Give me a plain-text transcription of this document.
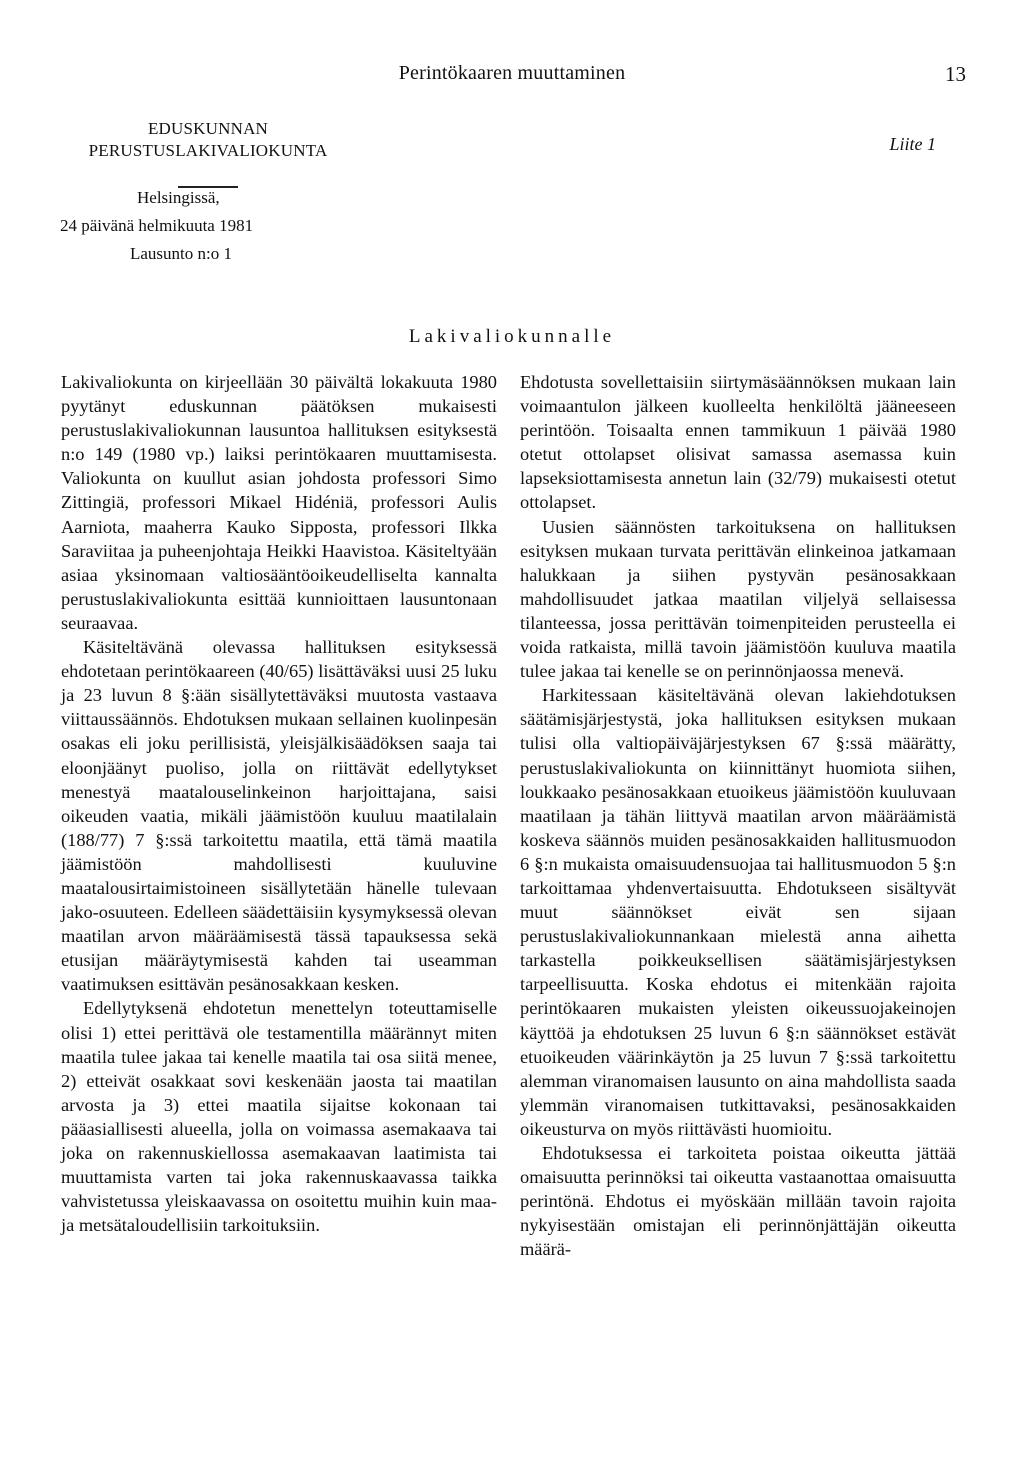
Perintökaaren muuttaminen	13
Liite 1
EDUSKUNNAN
PERUSTUSLAKIVALIOKUNTA
Helsingissä,
24 päivänä helmikuuta 1981
Lausunto n:o 1
Lakivaliokunnalle

Lakivaliokunta on kirjeellään 30 päivältä lokakuuta 1980 pyytänyt eduskunnan päätöksen mukaisesti perustuslakivaliokunnan lausuntoa hallituksen esityksestä n:o 149 (1980 vp.) laiksi perintökaaren muuttamisesta. Valiokunta on kuullut asian johdosta professori Simo Zittingiä, professori Mikael Hidéniä, professori Aulis Aarniota, maaherra Kauko Sipposta, professori Ilkka Saraviitaa ja puheenjohtaja Heikki Haavistoa. Käsiteltyään asiaa yksinomaan valtiosääntöoikeudelliselta kannalta perustuslakivaliokunta esittää kunnioittaen lausuntonaan seuraavaa.

Käsiteltävänä olevassa hallituksen esityksessä ehdotetaan perintökaareen (40/65) lisättäväksi uusi 25 luku ja 23 luvun 8 §:ään sisällytettäväksi muutosta vastaava viittaussäännös. Ehdotuksen mukaan sellainen kuolinpesän osakas eli joku perillisistä, yleisjälkisäädöksen saaja tai eloonjäänyt puoliso, jolla on riittävät edellytykset menestyä maatalouselinkeinon harjoittajana, saisi oikeuden vaatia, mikäli jäämistöön kuuluu maatilalain (188/77) 7 §:ssä tarkoitettu maatila, että tämä maatila jäämistöön mahdollisesti kuuluvine maatalousirtaimistoineen sisällytetään hänelle tulevaan jako-osuuteen. Edelleen säädettäisiin kysymyksessä olevan maatilan arvon määräämisestä tässä tapauksessa sekä etusijan määräytymisestä kahden tai useamman vaatimuksen esittävän pesänosakkaan kesken.

Edellytyksenä ehdotetun menettelyn toteuttamiselle olisi 1) ettei perittävä ole testamentilla määrännyt miten maatila tulee jakaa tai kenelle maatila tai osa siitä menee, 2) etteivät osakkaat sovi keskenään jaosta tai maatilan arvosta ja 3) ettei maatila sijaitse kokonaan tai pääasiallisesti alueella, jolla on voimassa asemakaava tai joka on rakennuskiellossa asemakaavan laatimista tai muuttamista varten tai joka rakennuskaavassa taikka vahvistetussa yleiskaavassa on osoitettu muihin kuin maa- ja metsätaloudellisiin tarkoituksiin.

Ehdotusta sovellettaisiin siirtymäsäännöksen mukaan lain voimaantulon jälkeen kuolleelta henkilöltä jääneeseen perintöön. Toisaalta ennen tammikuun 1 päivää 1980 otetut ottolapset olisivat samassa asemassa kuin lapseksiottamisesta annetun lain (32/79) mukaisesti otetut ottolapset.

Uusien säännösten tarkoituksena on hallituksen esityksen mukaan turvata perittävän elinkeinoa jatkamaan halukkaan ja siihen pystyvän pesänosakkaan mahdollisuudet jatkaa maatilan viljelyä sellaisessa tilanteessa, jossa perittävän toimenpiteiden perusteella ei voida ratkaista, millä tavoin jäämistöön kuuluva maatila tulee jakaa tai kenelle se on perinnönjaossa menevä.

Harkitessaan käsiteltävänä olevan lakiehdotuksen säätämisjärjestystä, joka hallituksen esityksen mukaan tulisi olla valtiopäiväjärjestyksen 67 §:ssä määrätty, perustuslakivaliokunta on kiinnittänyt huomiota siihen, loukkaako pesänosakkaan etuoikeus jäämistöön kuuluvaan maatilaan ja tähän liittyvä maatilan arvon määräämistä koskeva säännös muiden pesänosakkaiden hallitusmuodon 6 §:n mukaista omaisuudensuojaa tai hallitusmuodon 5 §:n tarkoittamaa yhdenvertaisuutta. Ehdotukseen sisältyvät muut säännökset eivät sen sijaan perustuslakivaliokunnankaan mielestä anna aihetta tarkastella poikkeuksellisen säätämisjärjestyksen tarpeellisuutta. Koska ehdotus ei mitenkään rajoita perintökaaren mukaisten yleisten oikeussuojakeinojen käyttöä ja ehdotuksen 25 luvun 6 §:n säännökset estävät etuoikeuden väärinkäytön ja 25 luvun 7 §:ssä tarkoitettu alemman viranomaisen lausunto on aina mahdollista saada ylemmän viranomaisen tutkittavaksi, pesänosakkaiden oikeusturva on myös riittävästi huomioitu.

Ehdotuksessa ei tarkoiteta poistaa oikeutta jättää omaisuutta perinnöksi tai oikeutta vastaanottaa omaisuutta perintönä. Ehdotus ei myöskään millään tavoin rajoita nykyisestään omistajan eli perinnönjättäjän oikeutta määrä-
